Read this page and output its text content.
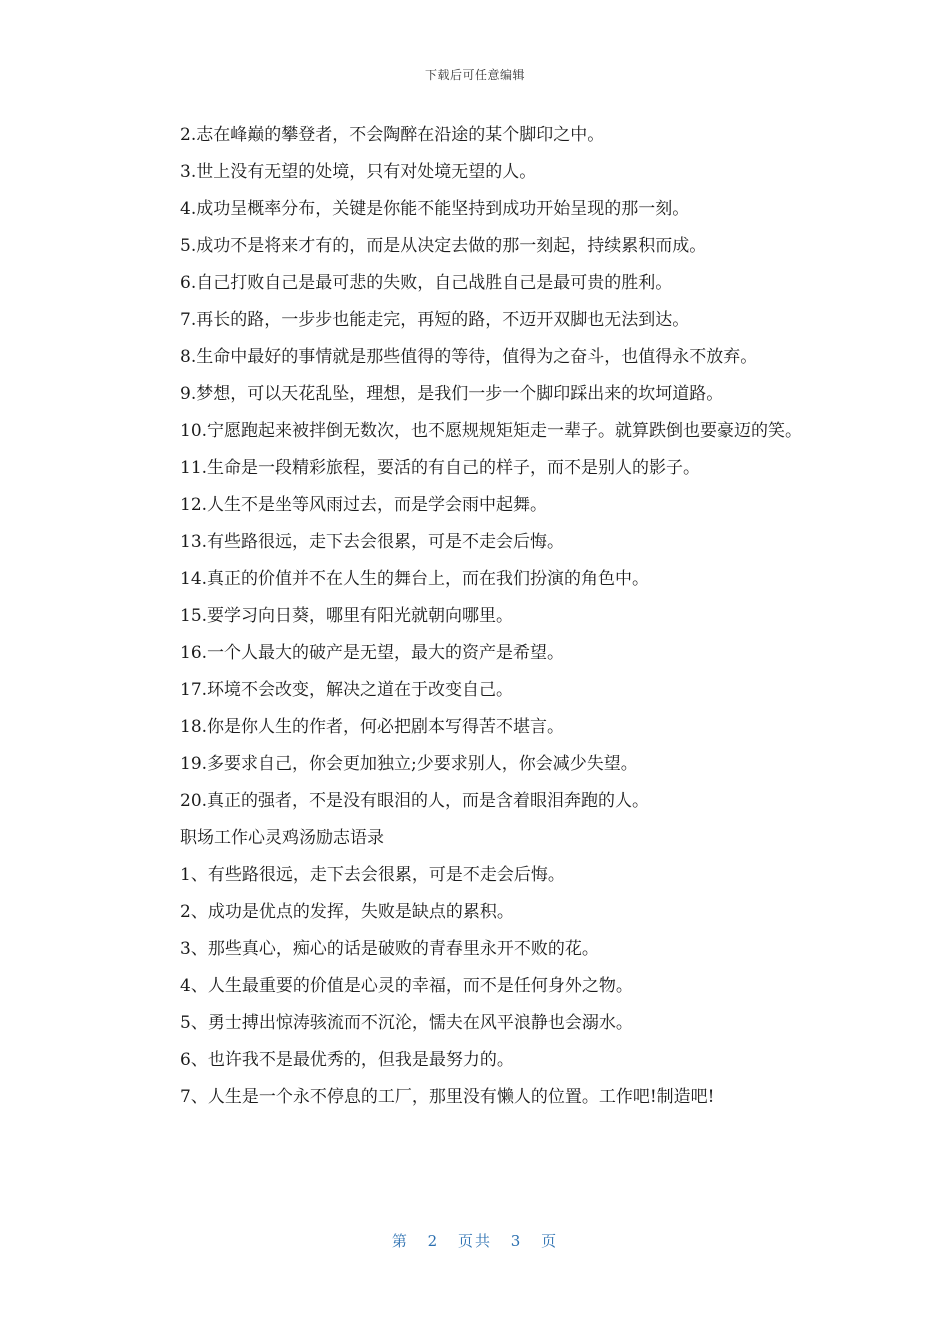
下载后可任意编辑

2.志在峰巅的攀登者，不会陶醉在沿途的某个脚印之中。

3.世上没有无望的处境，只有对处境无望的人。

4.成功呈概率分布，关键是你能不能坚持到成功开始呈现的那一刻。

5.成功不是将来才有的，而是从决定去做的那一刻起，持续累积而成。

6.自己打败自己是最可悲的失败，自己战胜自己是最可贵的胜利。

7.再长的路，一步步也能走完，再短的路，不迈开双脚也无法到达。

8.生命中最好的事情就是那些值得的等待，值得为之奋斗，也值得永不放弃。

9.梦想，可以天花乱坠，理想，是我们一步一个脚印踩出来的坎坷道路。

10.宁愿跑起来被拌倒无数次，也不愿规规矩矩走一辈子。就算跌倒也要豪迈的笑。

11.生命是一段精彩旅程，要活的有自己的样子，而不是别人的影子。

12.人生不是坐等风雨过去，而是学会雨中起舞。

13.有些路很远，走下去会很累，可是不走会后悔。

14.真正的价值并不在人生的舞台上，而在我们扮演的角色中。

15.要学习向日葵，哪里有阳光就朝向哪里。

16.一个人最大的破产是无望，最大的资产是希望。

17.环境不会改变，解决之道在于改变自己。

18.你是你人生的作者，何必把剧本写得苦不堪言。

19.多要求自己，你会更加独立;少要求别人，你会减少失望。

20.真正的强者，不是没有眼泪的人，而是含着眼泪奔跑的人。

职场工作心灵鸡汤励志语录

1、有些路很远，走下去会很累，可是不走会后悔。

2、成功是优点的发挥，失败是缺点的累积。

3、那些真心，痴心的话是破败的青春里永开不败的花。

4、人生最重要的价值是心灵的幸福，而不是任何身外之物。

5、勇士搏出惊涛骇流而不沉沦，懦夫在风平浪静也会溺水。

6、也许我不是最优秀的，但我是最努力的。

7、人生是一个永不停息的工厂，那里没有懒人的位置。工作吧!制造吧!

第 2 页共 3 页
